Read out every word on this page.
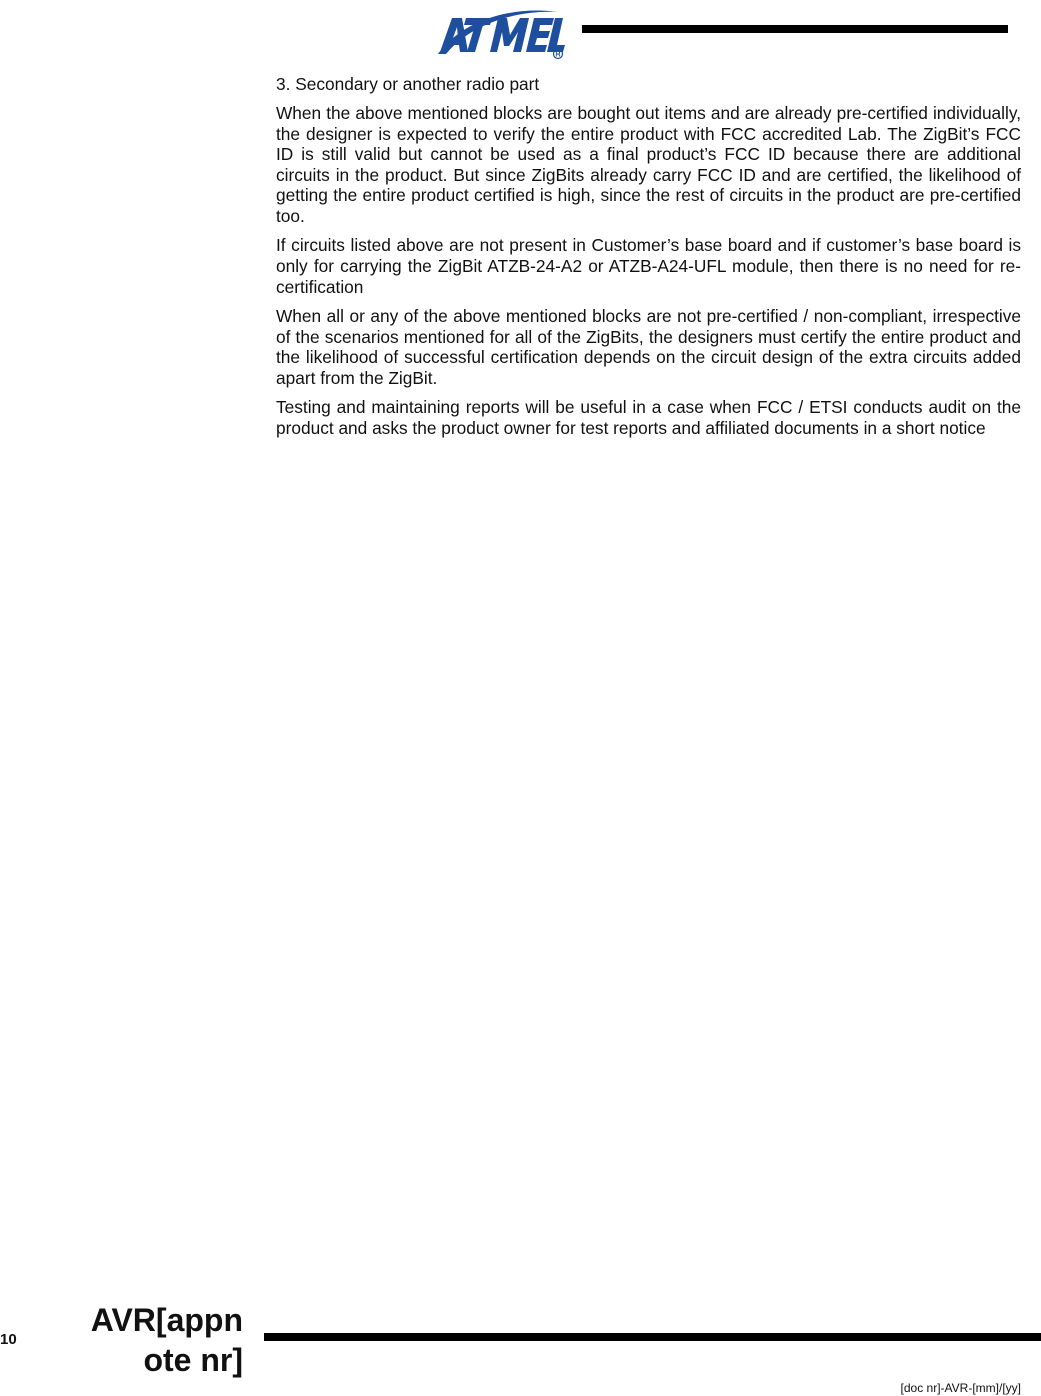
3. Secondary or another radio part

When the above mentioned blocks are bought out items and are already pre-certified individually, the designer is expected to verify the entire product with FCC accredited Lab. The ZigBit’s FCC ID is still valid but cannot be used as a final product’s FCC ID because there are additional circuits in the product. But since ZigBits already carry FCC ID and are certified, the likelihood of getting the entire product certified is high, since the rest of circuits in the product are pre-certified too.

If circuits listed above are not present in Customer’s base board and if customer’s base board is only for carrying the ZigBit ATZB-24-A2 or ATZB-A24-UFL module, then there is no need for re-certification

When all or any of the above mentioned blocks are not pre-certified / non-compliant, irrespective of the scenarios mentioned for all of the ZigBits, the designers must certify the entire product and the likelihood of successful certification depends on the circuit design of the extra circuits added apart from the ZigBit.

Testing and maintaining reports will be useful in a case when FCC / ETSI conducts audit on the product and asks the product owner for test reports and affiliated documents in a short notice

10
AVR[appn
ote nr]
[doc nr]-AVR-[mm]/[yy]
